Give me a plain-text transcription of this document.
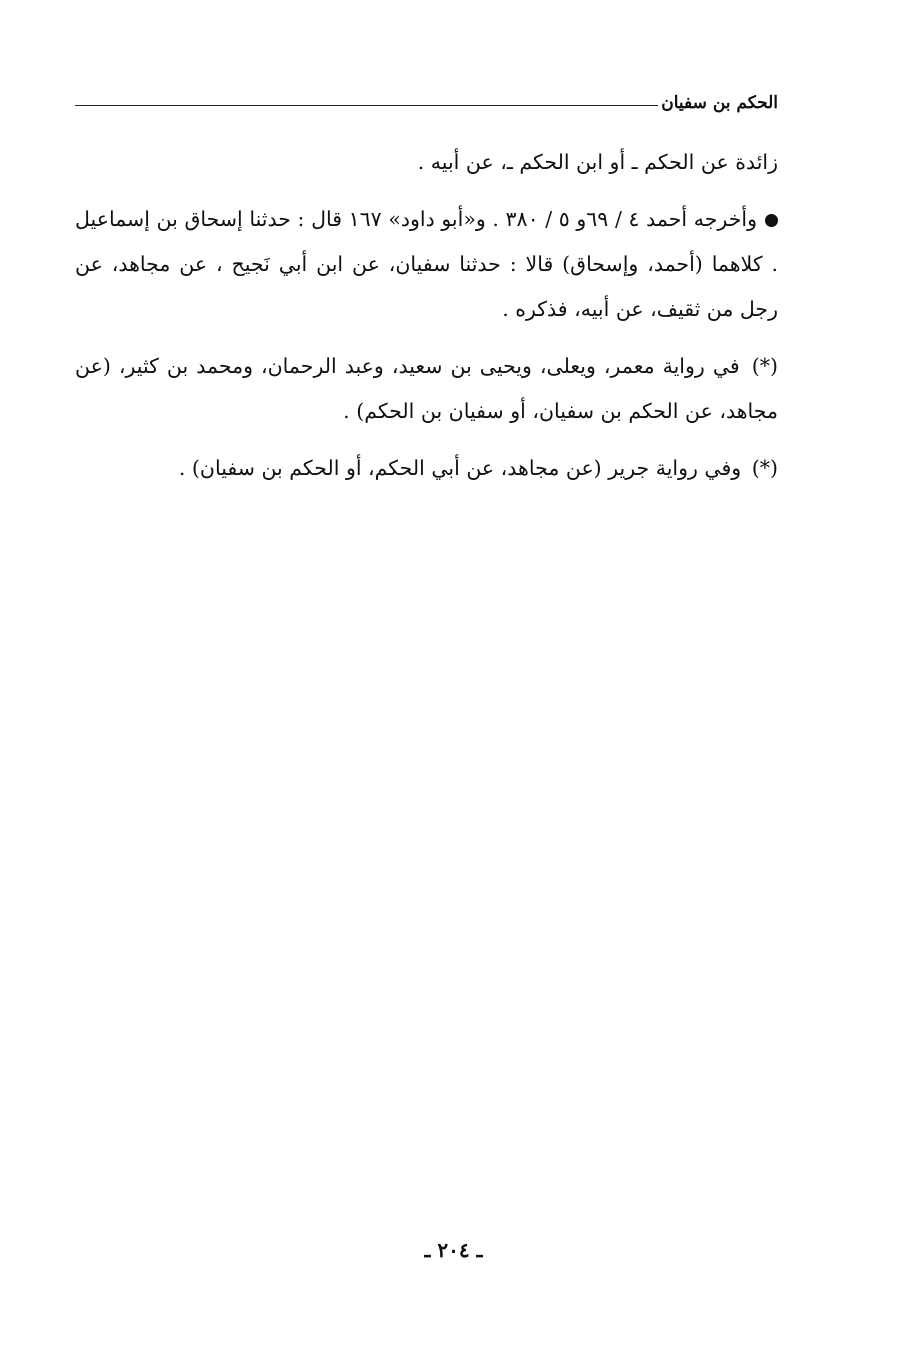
الحكم بن سفيان

زائدة عن الحكم ـ أو ابن الحكم ـ، عن أبيه .

وأخرجه أحمد ٤ / ٦٩و ٥ / ٣٨٠ . و«أبو داود» ١٦٧ قال : حدثنا إسحاق بن إسماعيل . كلاهما (أحمد، وإسحاق) قالا : حدثنا سفيان، عن ابن أبي نَجيح ، عن مجاهد، عن رجل من ثقيف، عن أبيه، فذكره .

(*) في رواية معمر، ويعلى، ويحيى بن سعيد، وعبد الرحمان، ومحمد بن كثير، (عن مجاهد، عن الحكم بن سفيان، أو سفيان بن الحكم) .

(*) وفي رواية جرير (عن مجاهد، عن أبي الحكم، أو الحكم بن سفيان) .

ـ ٢٠٤ ـ
